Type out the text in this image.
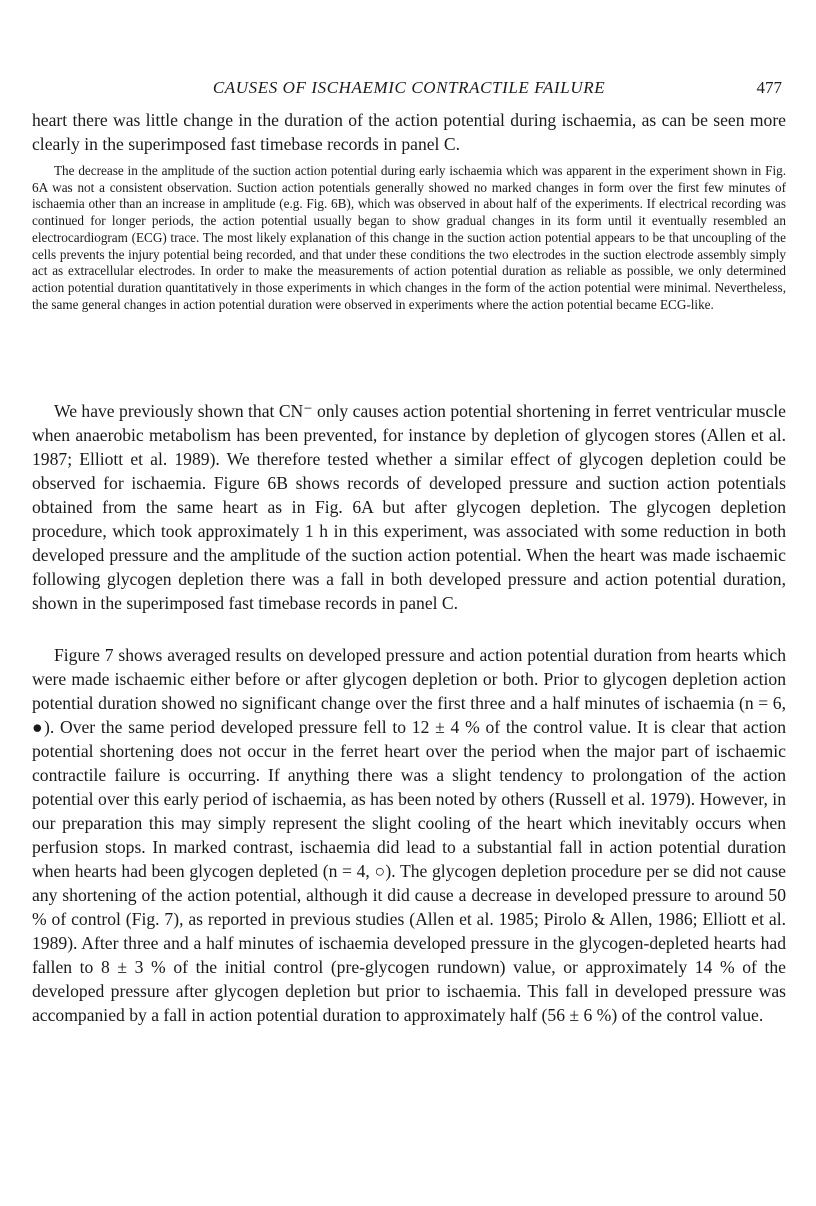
CAUSES OF ISCHAEMIC CONTRACTILE FAILURE	477

heart there was little change in the duration of the action potential during ischaemia, as can be seen more clearly in the superimposed fast timebase records in panel C.

The decrease in the amplitude of the suction action potential during early ischaemia which was apparent in the experiment shown in Fig. 6A was not a consistent observation. Suction action potentials generally showed no marked changes in form over the first few minutes of ischaemia other than an increase in amplitude (e.g. Fig. 6B), which was observed in about half of the experiments. If electrical recording was continued for longer periods, the action potential usually began to show gradual changes in its form until it eventually resembled an electrocardiogram (ECG) trace. The most likely explanation of this change in the suction action potential appears to be that uncoupling of the cells prevents the injury potential being recorded, and that under these conditions the two electrodes in the suction electrode assembly simply act as extracellular electrodes. In order to make the measurements of action potential duration as reliable as possible, we only determined action potential duration quantitatively in those experiments in which changes in the form of the action potential were minimal. Nevertheless, the same general changes in action potential duration were observed in experiments where the action potential became ECG-like.

We have previously shown that CN⁻ only causes action potential shortening in ferret ventricular muscle when anaerobic metabolism has been prevented, for instance by depletion of glycogen stores (Allen et al. 1987; Elliott et al. 1989). We therefore tested whether a similar effect of glycogen depletion could be observed for ischaemia. Figure 6B shows records of developed pressure and suction action potentials obtained from the same heart as in Fig. 6A but after glycogen depletion. The glycogen depletion procedure, which took approximately 1 h in this experiment, was associated with some reduction in both developed pressure and the amplitude of the suction action potential. When the heart was made ischaemic following glycogen depletion there was a fall in both developed pressure and action potential duration, shown in the superimposed fast timebase records in panel C.

Figure 7 shows averaged results on developed pressure and action potential duration from hearts which were made ischaemic either before or after glycogen depletion or both. Prior to glycogen depletion action potential duration showed no significant change over the first three and a half minutes of ischaemia (n = 6, ●). Over the same period developed pressure fell to 12 ± 4 % of the control value. It is clear that action potential shortening does not occur in the ferret heart over the period when the major part of ischaemic contractile failure is occurring. If anything there was a slight tendency to prolongation of the action potential over this early period of ischaemia, as has been noted by others (Russell et al. 1979). However, in our preparation this may simply represent the slight cooling of the heart which inevitably occurs when perfusion stops. In marked contrast, ischaemia did lead to a substantial fall in action potential duration when hearts had been glycogen depleted (n = 4, ○). The glycogen depletion procedure per se did not cause any shortening of the action potential, although it did cause a decrease in developed pressure to around 50 % of control (Fig. 7), as reported in previous studies (Allen et al. 1985; Pirolo & Allen, 1986; Elliott et al. 1989). After three and a half minutes of ischaemia developed pressure in the glycogen-depleted hearts had fallen to 8 ± 3 % of the initial control (pre-glycogen rundown) value, or approximately 14 % of the developed pressure after glycogen depletion but prior to ischaemia. This fall in developed pressure was accompanied by a fall in action potential duration to approximately half (56 ± 6 %) of the control value.
